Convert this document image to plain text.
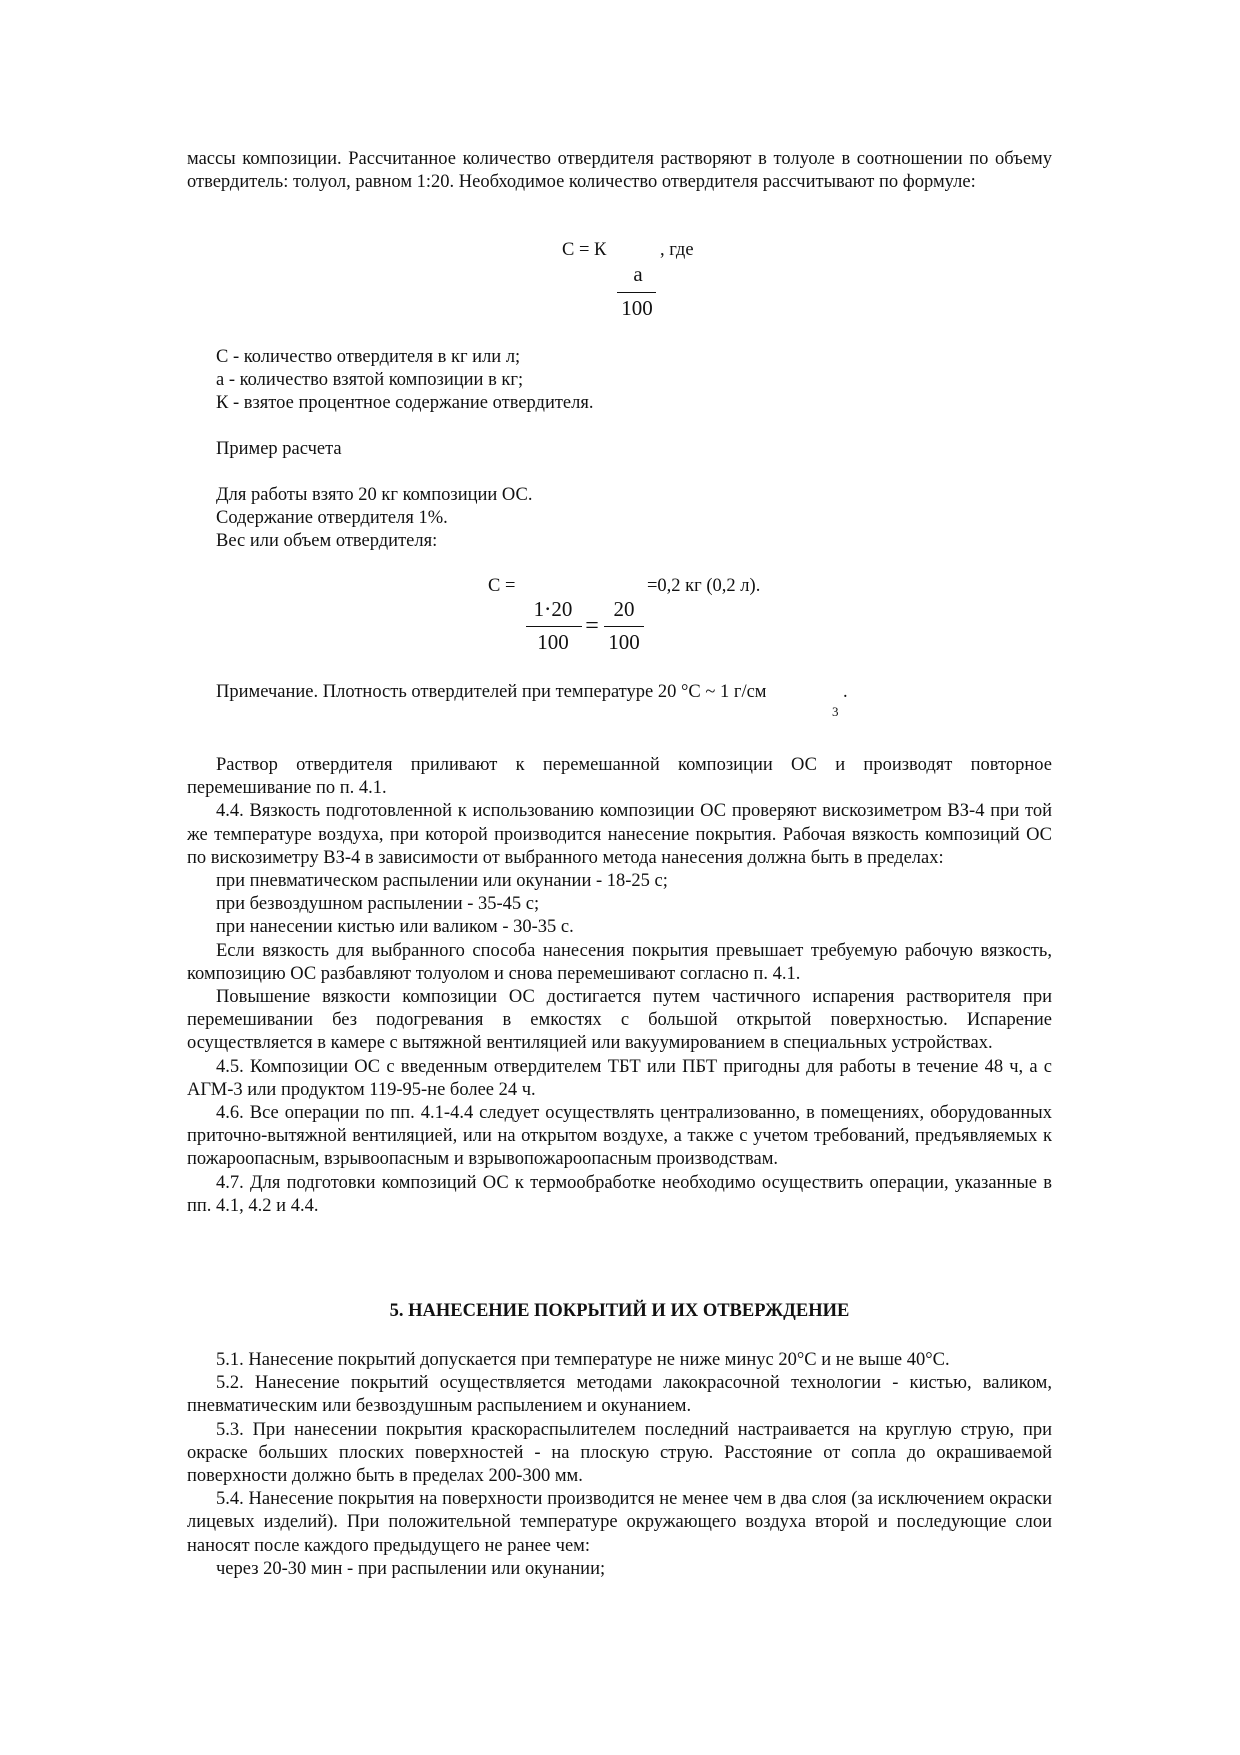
массы композиции. Рассчитанное количество отвердителя растворяют в толуоле в соотношении по объему отвердитель: толуол, равном 1:20. Необходимое количество отвердителя рассчитывают по формуле:

C = К	, где
а
100
С - количество отвердителя в кг или л;
а - количество взятой композиции в кг;
К - взятое процентное содержание отвердителя.
Пример расчета
Для работы взято 20 кг композиции ОС.
Содержание отвердителя 1%.
Вес или объем отвердителя:
С =
1⋅20
100
=
20
100
=0,2 кг (0,2 л).
Примечание. Плотность отвердителей при температуре 20 °С ~ 1 г/см
3
.

Раствор отвердителя приливают к перемешанной композиции ОС и производят повторное перемешивание по п. 4.1.

4.4. Вязкость подготовленной к использованию композиции ОС проверяют вискозиметром ВЗ-4 при той же температуре воздуха, при которой производится нанесение покрытия. Рабочая вязкость композиций ОС по вискозиметру ВЗ-4 в зависимости от выбранного метода нанесения должна быть в пределах:

при пневматическом распылении или окунании - 18-25 с;

при безвоздушном распылении - 35-45 с;

при нанесении кистью или валиком - 30-35 с.

Если вязкость для выбранного способа нанесения покрытия превышает требуемую рабочую вязкость, композицию ОС разбавляют толуолом и снова перемешивают согласно п. 4.1.

Повышение вязкости композиции ОС достигается путем частичного испарения растворителя при перемешивании без подогревания в емкостях с большой открытой поверхностью. Испарение осуществляется в камере с вытяжной вентиляцией или вакуумированием в специальных устройствах.

4.5. Композиции ОС с введенным отвердителем ТБТ или ПБТ пригодны для работы в течение 48 ч, а с АГМ-3 или продуктом 119-95-не более 24 ч.

4.6. Все операции по пп. 4.1-4.4 следует осуществлять централизованно, в помещениях, оборудованных приточно-вытяжной вентиляцией, или на открытом воздухе, а также с учетом требований, предъявляемых к пожароопасным, взрывоопасным и взрывопожароопасным производствам.

4.7. Для подготовки композиций ОС к термообработке необходимо осуществить операции, указанные в пп. 4.1, 4.2 и 4.4.

5. НАНЕСЕНИЕ ПОКРЫТИЙ И ИХ ОТВЕРЖДЕНИЕ

5.1. Нанесение покрытий допускается при температуре не ниже минус 20°С и не выше 40°С.

5.2. Нанесение покрытий осуществляется методами лакокрасочной технологии - кистью, валиком, пневматическим или безвоздушным распылением и окунанием.

5.3. При нанесении покрытия краскораспылителем последний настраивается на круглую струю, при окраске больших плоских поверхностей - на плоскую струю. Расстояние от сопла до окрашиваемой поверхности должно быть в пределах 200-300 мм.

5.4. Нанесение покрытия на поверхности производится не менее чем в два слоя (за исключением окраски лицевых изделий). При положительной температуре окружающего воздуха второй и последующие слои наносят после каждого предыдущего не ранее чем:

через 20-30 мин - при распылении или окунании;
